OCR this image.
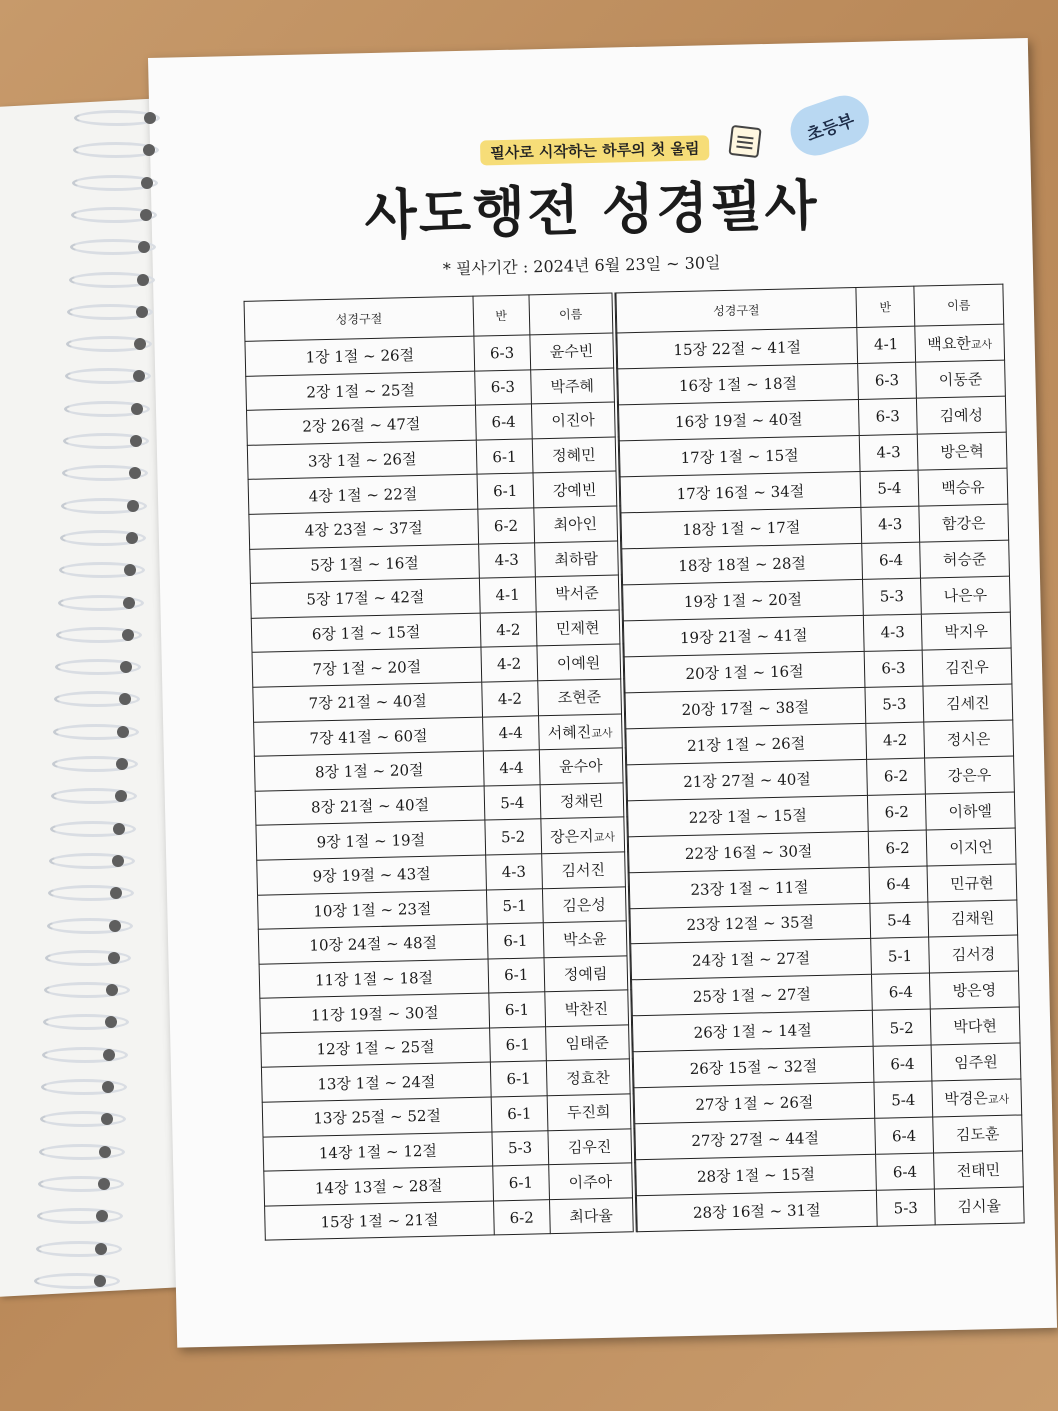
필사로 시작하는 하루의 첫 울림
초등부
사도행전 성경필사
* 필사기간 : 2024년 6월 23일 ~ 30일
성경구절	반	이름
1장 1절 ~ 26절	6-3	윤수빈
2장 1절 ~ 25절	6-3	박주혜
2장 26절 ~ 47절	6-4	이진아
3장 1절 ~ 26절	6-1	정혜민
4장 1절 ~ 22절	6-1	강예빈
4장 23절 ~ 37절	6-2	최아인
5장 1절 ~ 16절	4-3	최하람
5장 17절 ~ 42절	4-1	박서준
6장 1절 ~ 15절	4-2	민제현
7장 1절 ~ 20절	4-2	이예원
7장 21절 ~ 40절	4-2	조현준
7장 41절 ~ 60절	4-4	서혜진교사
8장 1절 ~ 20절	4-4	윤수아
8장 21절 ~ 40절	5-4	정채린
9장 1절 ~ 19절	5-2	장은지교사
9장 19절 ~ 43절	4-3	김서진
10장 1절 ~ 23절	5-1	김은성
10장 24절 ~ 48절	6-1	박소윤
11장 1절 ~ 18절	6-1	정예림
11장 19절 ~ 30절	6-1	박찬진
12장 1절 ~ 25절	6-1	임태준
13장 1절 ~ 24절	6-1	정효찬
13장 25절 ~ 52절	6-1	두진희
14장 1절 ~ 12절	5-3	김우진
14장 13절 ~ 28절	6-1	이주아
15장 1절 ~ 21절	6-2	최다율
성경구절	반	이름
15장 22절 ~ 41절	4-1	백요한교사
16장 1절 ~ 18절	6-3	이동준
16장 19절 ~ 40절	6-3	김예성
17장 1절 ~ 15절	4-3	방은혁
17장 16절 ~ 34절	5-4	백승유
18장 1절 ~ 17절	4-3	함강은
18장 18절 ~ 28절	6-4	허승준
19장 1절 ~ 20절	5-3	나은우
19장 21절 ~ 41절	4-3	박지우
20장 1절 ~ 16절	6-3	김진우
20장 17절 ~ 38절	5-3	김세진
21장 1절 ~ 26절	4-2	정시은
21장 27절 ~ 40절	6-2	강은우
22장 1절 ~ 15절	6-2	이하엘
22장 16절 ~ 30절	6-2	이지언
23장 1절 ~ 11절	6-4	민규현
23장 12절 ~ 35절	5-4	김채원
24장 1절 ~ 27절	5-1	김서경
25장 1절 ~ 27절	6-4	방은영
26장 1절 ~ 14절	5-2	박다현
26장 15절 ~ 32절	6-4	임주원
27장 1절 ~ 26절	5-4	박경은교사
27장 27절 ~ 44절	6-4	김도훈
28장 1절 ~ 15절	6-4	전태민
28장 16절 ~ 31절	5-3	김시율
